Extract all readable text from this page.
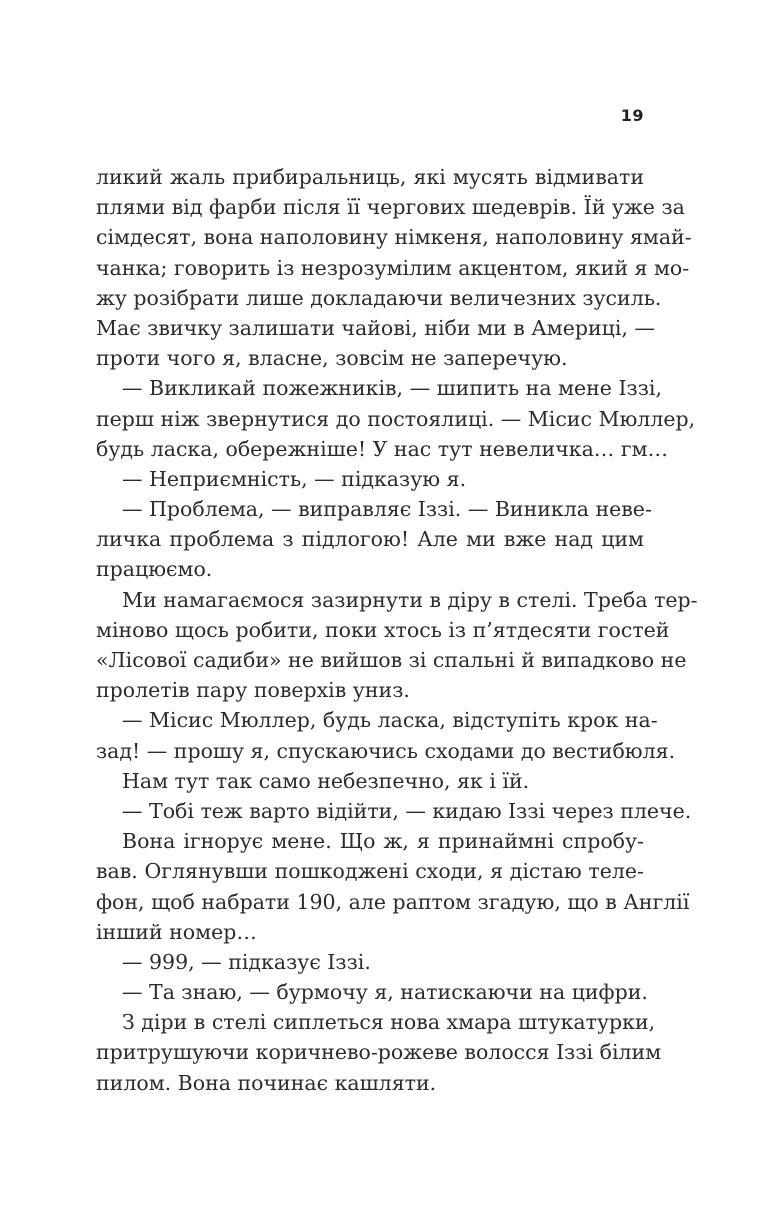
19
ликий жаль прибиральниць, які мусять відмивати
плями від фарби після її чергових шедеврів. Їй уже за
сімдесят, вона наполовину німкеня, наполовину ямай-
чанка; говорить із незрозумілим акцентом, який я мо-
жу розібрати лише докладаючи величезних зусиль.
Має звичку залишати чайові, ніби ми в Америці, —
проти чого я, власне, зовсім не заперечую.
— Викликай пожежників, — шипить на мене Іззі,
перш ніж звернутися до постоялиці. — Місис Мюллер,
будь ласка, обережніше! У нас тут невеличка… гм…
— Неприємність, — підказую я.
— Проблема, — виправляє Іззі. — Виникла неве-
личка проблема з підлогою! Але ми вже над цим
працюємо.
Ми намагаємося зазирнути в діру в стелі. Треба тер-
міново щось робити, поки хтось із п’ятдесяти гостей
«Лісової садиби» не вийшов зі спальні й випадково не
пролетів пару поверхів униз.
— Місис Мюллер, будь ласка, відступіть крок на-
зад! — прошу я, спускаючись сходами до вестибюля.
Нам тут так само небезпечно, як і їй.
— Тобі теж варто відійти, — кидаю Іззі через плече.
Вона ігнорує мене. Що ж, я принаймні спробу-
вав. Оглянувши пошкоджені сходи, я дістаю теле-
фон, щоб набрати 190, але раптом згадую, що в Англії
інший номер…
— 999, — підказує Іззі.
— Та знаю, — бурмочу я, натискаючи на цифри.
З діри в стелі сиплеться нова хмара штукатурки,
притрушуючи коричнево-рожеве волосся Іззі білим
пилом. Вона починає кашляти.
